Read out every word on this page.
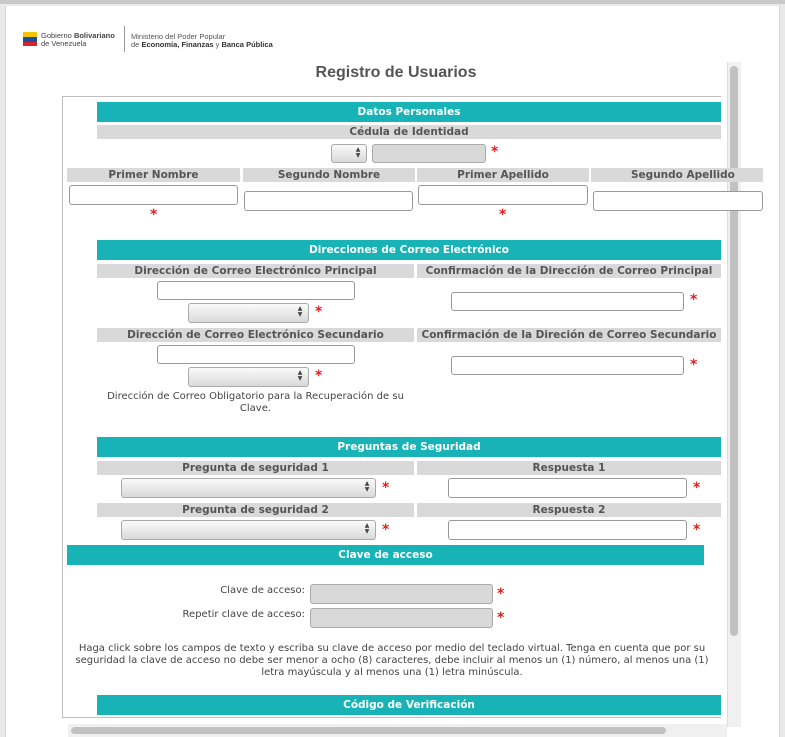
Gobierno Bolivariano
de Venezuela
Ministerio del Poder Popular
de Economía, Finanzas y Banca Pública
Registro de Usuarios
Datos Personales
Cédula de Identidad
▲
▼	*
Primer Nombre	Segundo Nombre	Primer Apellido	Segundo Apellido
*	*
Direcciones de Correo Electrónico
Dirección de Correo Electrónico Principal	Confirmación de la Dirección de Correo Principal
▲
▼ *
*
Dirección de Correo Electrónico Secundario	Confirmación de la Direción de Correo Secundario
▲
▼ *
*
Dirección de Correo Obligatorio para la Recuperación de su
Clave.
Preguntas de Seguridad
Pregunta de seguridad 1	Respuesta 1
▲
▼ *	*
Pregunta de seguridad 2	Respuesta 2
▲
▼ *	*
Clave de acceso
Clave de acceso:	*
Repetir clave de acceso:	*
Haga click sobre los campos de texto y escriba su clave de acceso por medio del teclado virtual. Tenga en cuenta que por su
seguridad la clave de acceso no debe ser menor a ocho (8) caracteres, debe incluir al menos un (1) número, al menos una (1)
letra mayúscula y al menos una (1) letra minúscula.
Código de Verificación
